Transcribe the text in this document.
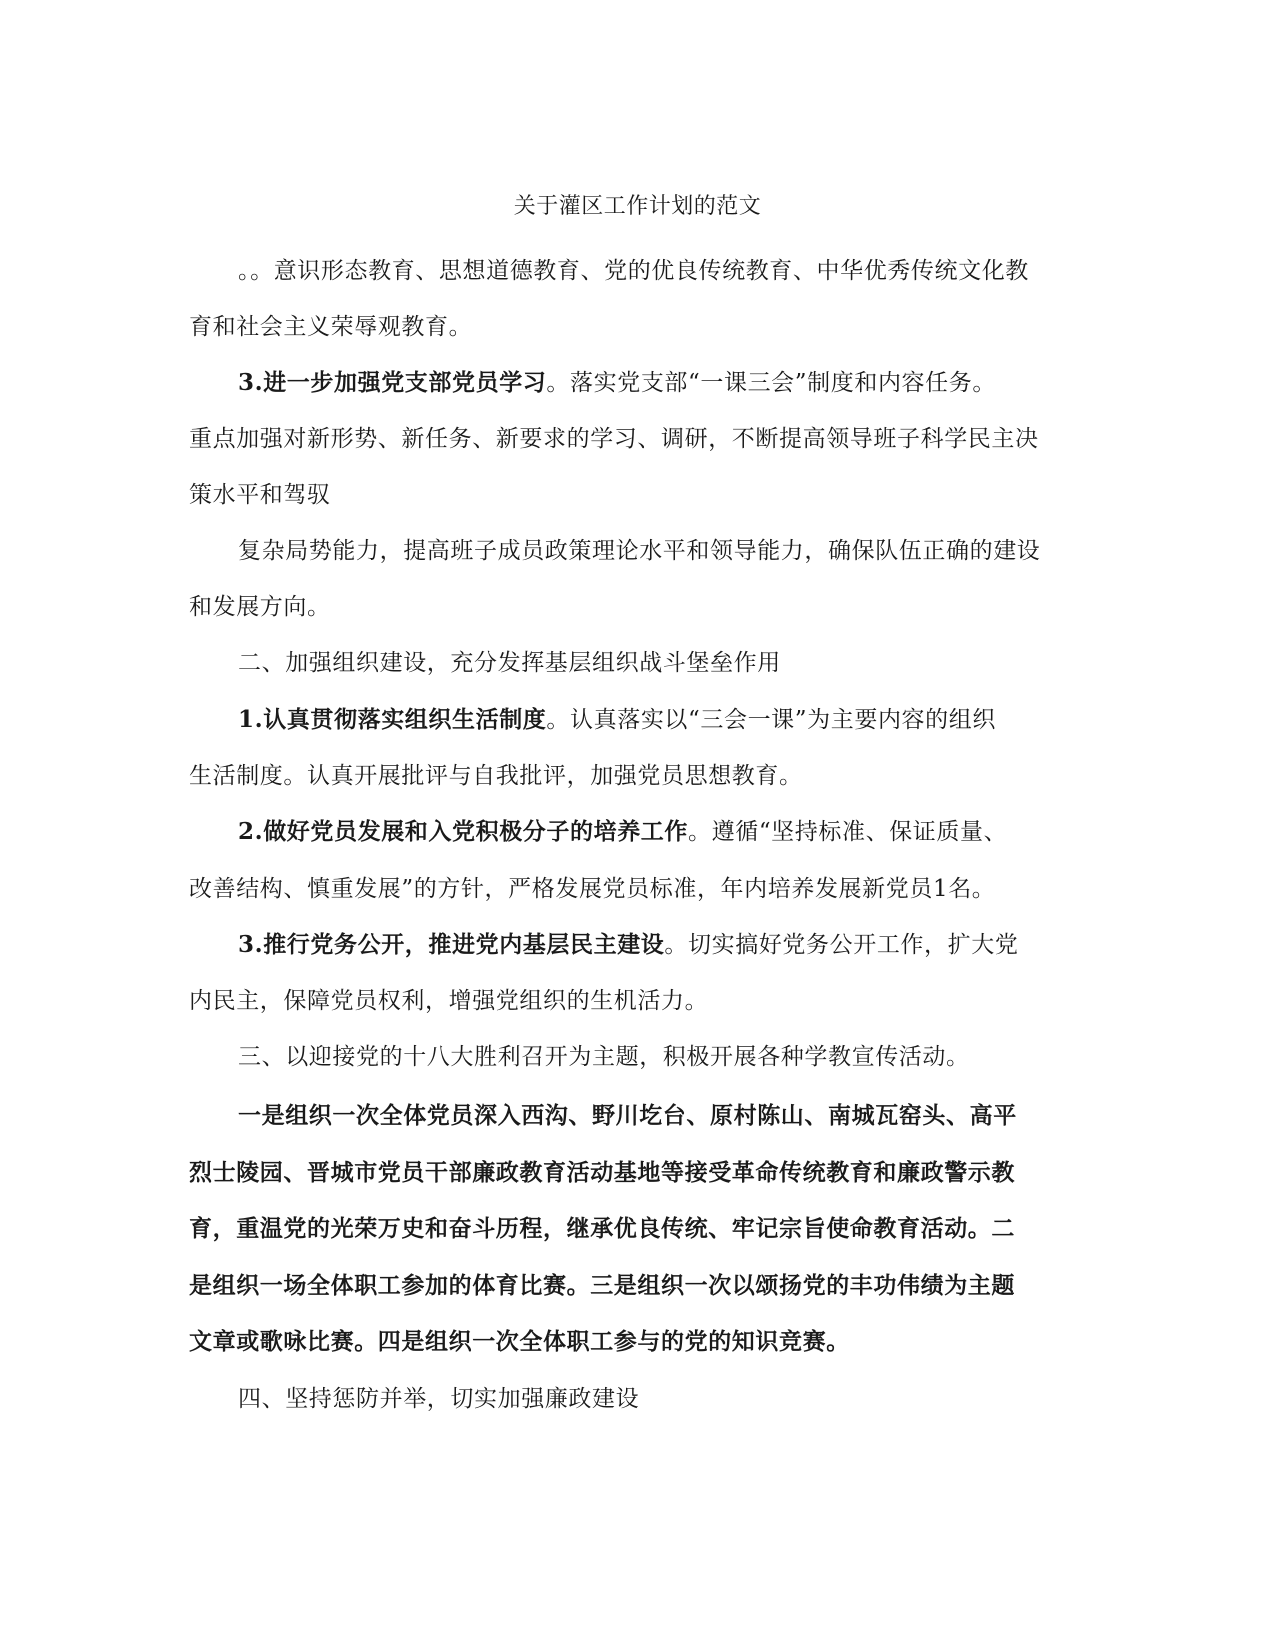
关于灌区工作计划的范文
。。意识形态教育、思想道德教育、党的优良传统教育、中华优秀传统文化教
育和社会主义荣辱观教育。
3.进一步加强党支部党员学习。落实党支部“一课三会”制度和内容任务。
重点加强对新形势、新任务、新要求的学习、调研，不断提高领导班子科学民主决
策水平和驾驭
复杂局势能力，提高班子成员政策理论水平和领导能力，确保队伍正确的建设
和发展方向。
二、加强组织建设，充分发挥基层组织战斗堡垒作用
1.认真贯彻落实组织生活制度。认真落实以“三会一课”为主要内容的组织
生活制度。认真开展批评与自我批评，加强党员思想教育。
2.做好党员发展和入党积极分子的培养工作。遵循“坚持标准、保证质量、
改善结构、慎重发展”的方针，严格发展党员标准，年内培养发展新党员1名。
3.推行党务公开，推进党内基层民主建设。切实搞好党务公开工作，扩大党
内民主，保障党员权利，增强党组织的生机活力。
三、以迎接党的十八大胜利召开为主题，积极开展各种学教宣传活动。
一是组织一次全体党员深入西沟、野川圪台、原村陈山、南城瓦窑头、高平
烈士陵园、晋城市党员干部廉政教育活动基地等接受革命传统教育和廉政警示教
育，重温党的光荣万史和奋斗历程，继承优良传统、牢记宗旨使命教育活动。二
是组织一场全体职工参加的体育比赛。三是组织一次以颂扬党的丰功伟绩为主题
文章或歌咏比赛。四是组织一次全体职工参与的党的知识竞赛。
四、坚持惩防并举，切实加强廉政建设
